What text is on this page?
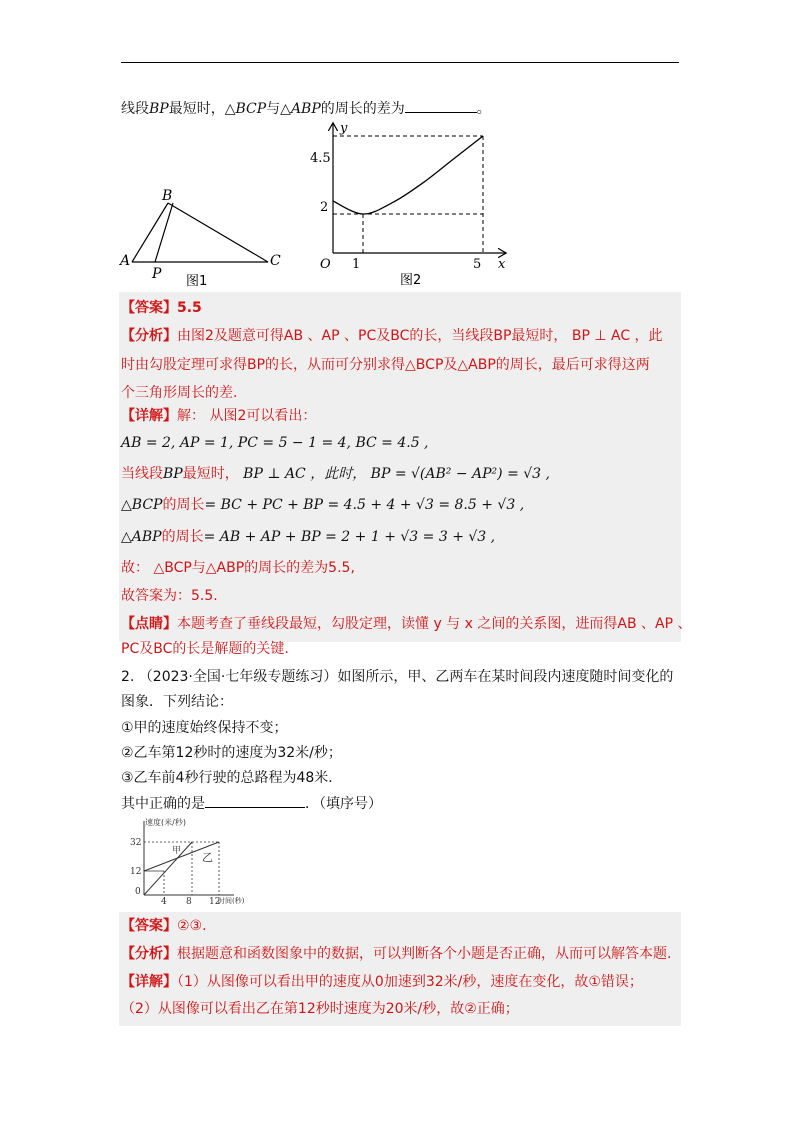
线段BP最短时，△BCP与△ABP的周长的差为	。
B
A	C
P 图1
y
x
O
4.5
2
1	5
图2
【答案】5.5
【分析】由图2及题意可得AB 、AP 、PC及BC的长，当线段BP最短时， BP ⊥ AC ，此
时由勾股定理可求得BP的长，从而可分别求得△BCP及△ABP的周长，最后可求得这两
个三角形周长的差.
【详解】解： 从图2可以看出：
AB = 2, AP = 1, PC = 5 − 1 = 4, BC = 4.5 ,
当线段BP最短时， BP ⊥ AC ，此时， BP = √(AB² − AP²) = √3 ,
△BCP的周长= BC + PC + BP = 4.5 + 4 + √3 = 8.5 + √3 ,
△ABP的周长= AB + AP + BP = 2 + 1 + √3 = 3 + √3 ,
故： △BCP与△ABP的周长的差为5.5,
故答案为：5.5.
【点睛】本题考查了垂线段最短，勾股定理，读懂 y 与 x 之间的关系图，进而得AB 、AP 、
PC及BC的长是解题的关键.
2. （2023·全国·七年级专题练习）如图所示，甲、乙两车在某时间段内速度随时间变化的
图象．下列结论：
①甲的速度始终保持不变；
②乙车第12秒时的速度为32米/秒；
③乙车前4秒行驶的总路程为48米.
其中正确的是	．（填序号）
速度(米/秒)
时间(秒)
32
12
0
4 8 12
甲 乙
【答案】②③.
【分析】根据题意和函数图象中的数据，可以判断各个小题是否正确，从而可以解答本题.
【详解】（1）从图像可以看出甲的速度从0加速到32米/秒，速度在变化，故①错误；
（2）从图像可以看出乙在第12秒时速度为20米/秒，故②正确；
